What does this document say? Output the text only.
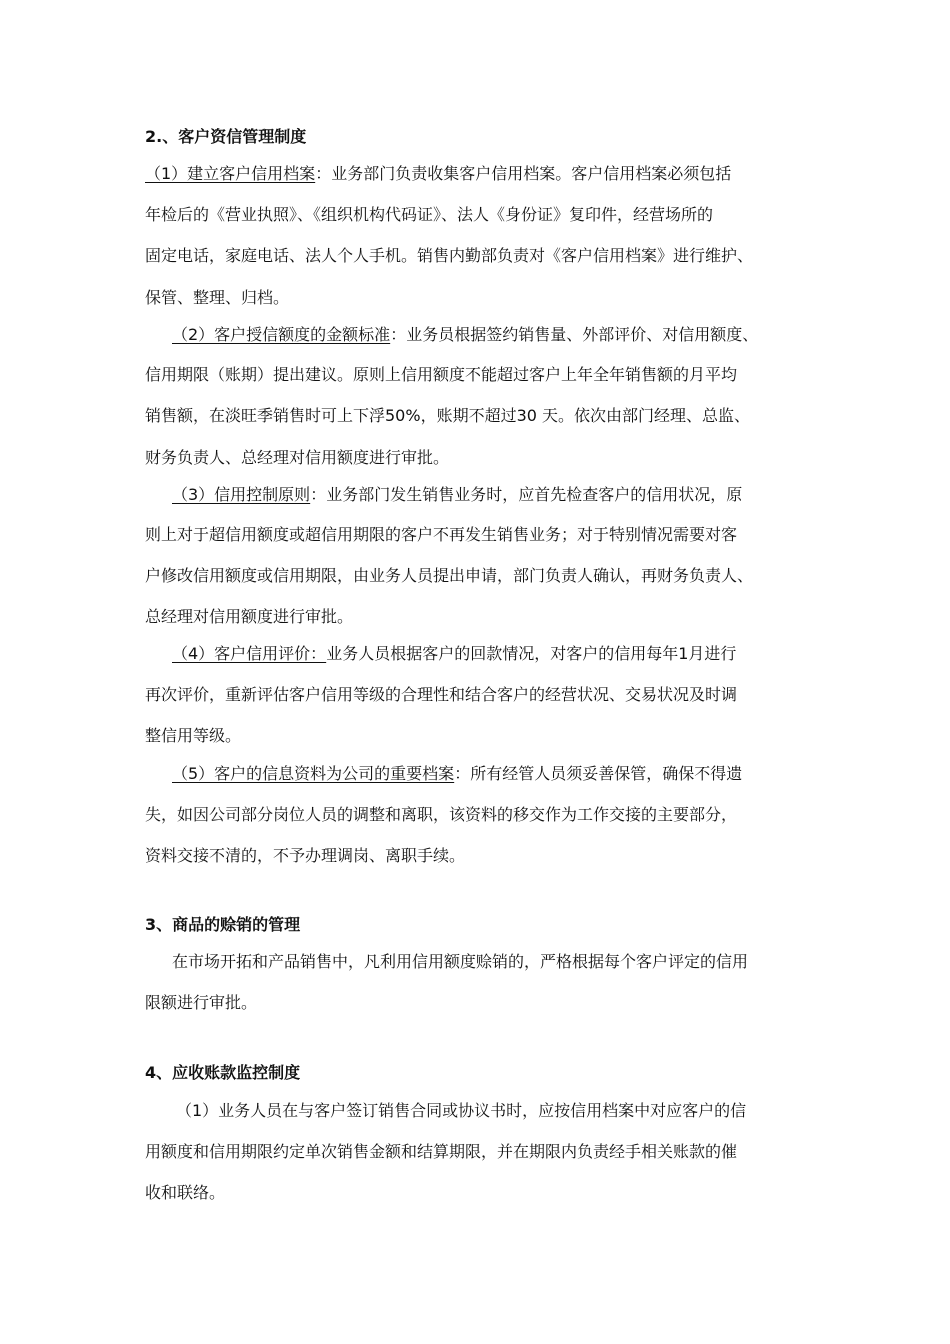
2.、客户资信管理制度
（1）建立客户信用档案：业务部门负责收集客户信用档案。客户信用档案必须包括
年检后的《营业执照》、《组织机构代码证》、法人《身份证》复印件，经营场所的
固定电话，家庭电话、法人个人手机。销售内勤部负责对《客户信用档案》进行维护、
保管、整理、归档。
（2）客户授信额度的金额标准：业务员根据签约销售量、外部评价、对信用额度、
信用期限（账期）提出建议。原则上信用额度不能超过客户上年全年销售额的月平均
销售额，在淡旺季销售时可上下浮50%，账期不超过30 天。依次由部门经理、总监、
财务负责人、总经理对信用额度进行审批。
（3）信用控制原则：业务部门发生销售业务时，应首先检查客户的信用状况，原
则上对于超信用额度或超信用期限的客户不再发生销售业务；对于特别情况需要对客
户修改信用额度或信用期限，由业务人员提出申请，部门负责人确认，再财务负责人、
总经理对信用额度进行审批。
（4）客户信用评价：业务人员根据客户的回款情况，对客户的信用每年1月进行
再次评价，重新评估客户信用等级的合理性和结合客户的经营状况、交易状况及时调
整信用等级。
（5）客户的信息资料为公司的重要档案：所有经管人员须妥善保管，确保不得遗
失，如因公司部分岗位人员的调整和离职，该资料的移交作为工作交接的主要部分，
资料交接不清的，不予办理调岗、离职手续。
3、商品的赊销的管理
在市场开拓和产品销售中，凡利用信用额度赊销的，严格根据每个客户评定的信用
限额进行审批。
4、应收账款监控制度
（1）业务人员在与客户签订销售合同或协议书时，应按信用档案中对应客户的信
用额度和信用期限约定单次销售金额和结算期限，并在期限内负责经手相关账款的催
收和联络。
